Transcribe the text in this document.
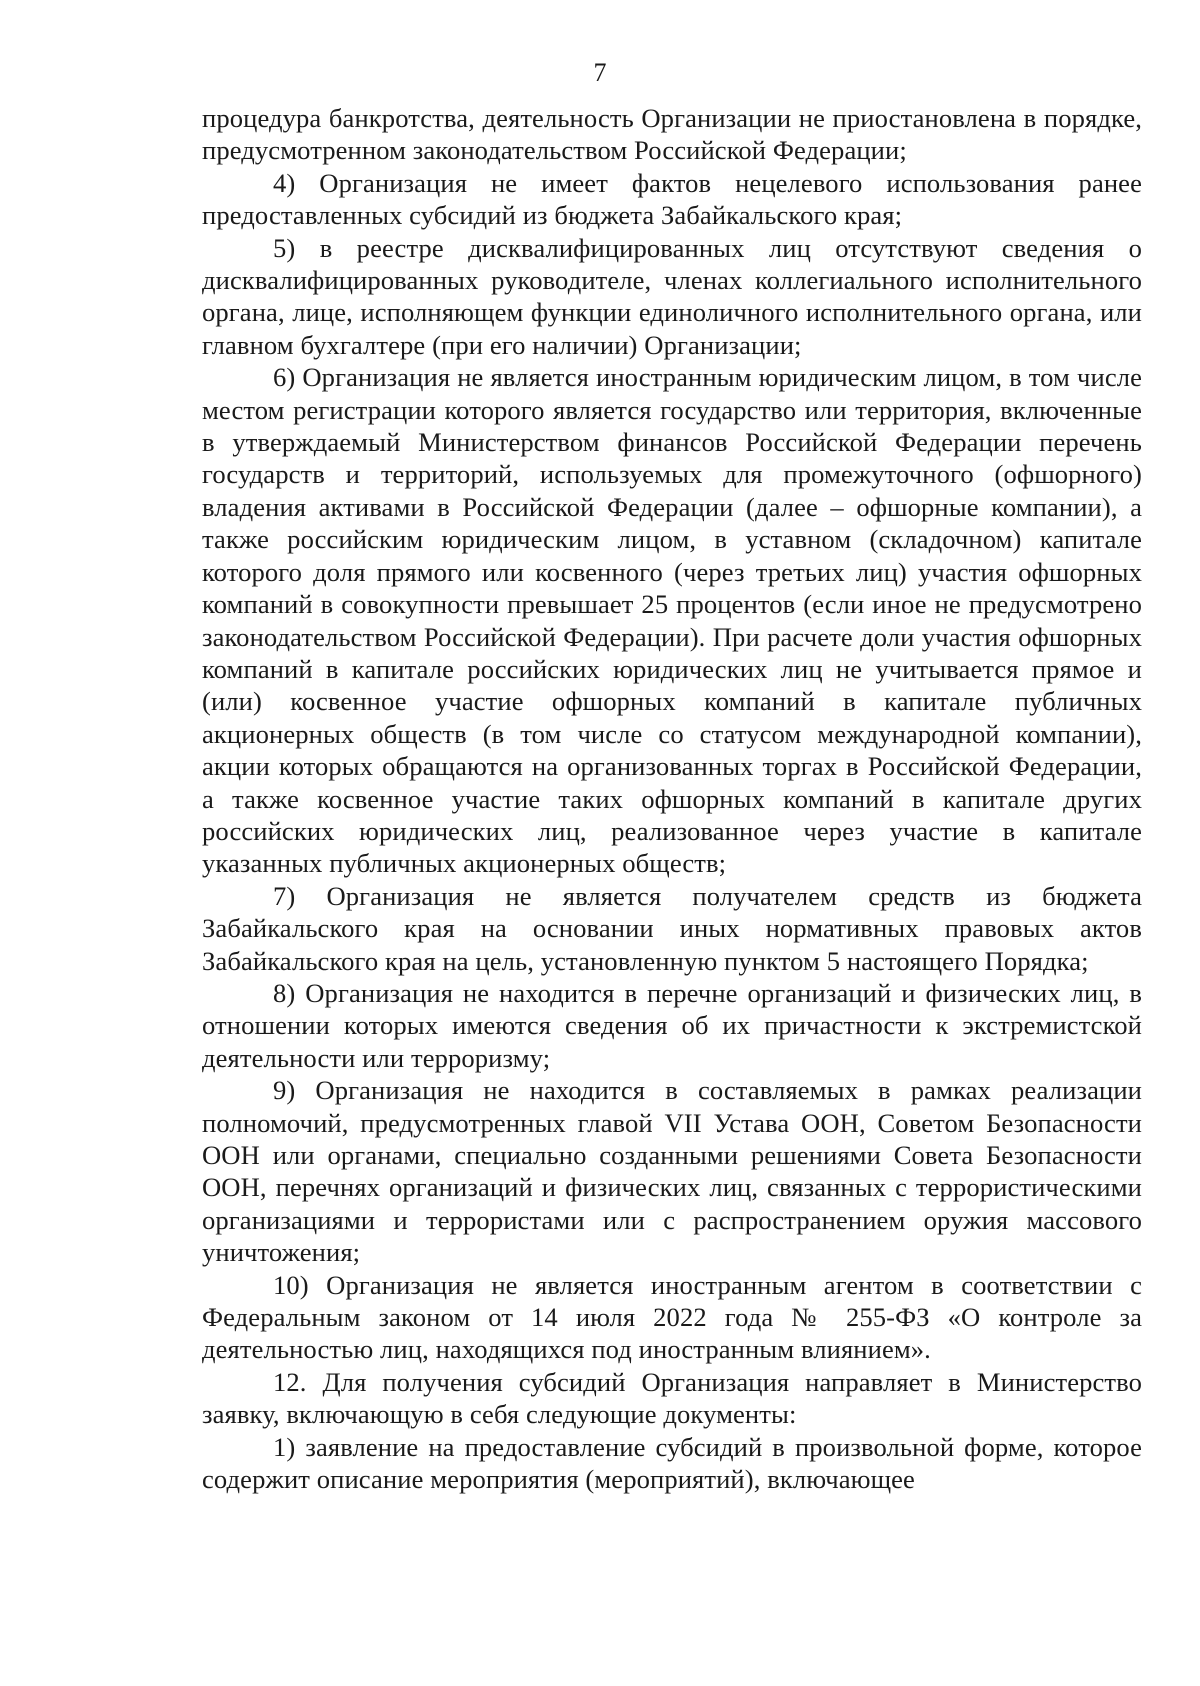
7

процедура банкротства, деятельность Организации не приостановлена в порядке, предусмотренном законодательством Российской Федерации;

4) Организация не имеет фактов нецелевого использования ранее предоставленных субсидий из бюджета Забайкальского края;

5) в реестре дисквалифицированных лиц отсутствуют сведения о дисквалифицированных руководителе, членах коллегиального исполнительного органа, лице, исполняющем функции единоличного исполнительного органа, или главном бухгалтере (при его наличии) Организации;

6) Организация не является иностранным юридическим лицом, в том числе местом регистрации которого является государство или территория, включенные в утверждаемый Министерством финансов Российской Федерации перечень государств и территорий, используемых для промежуточного (офшорного) владения активами в Российской Федерации (далее – офшорные компании), а также российским юридическим лицом, в уставном (складочном) капитале которого доля прямого или косвенного (через третьих лиц) участия офшорных компаний в совокупности превышает 25 процентов (если иное не предусмотрено законодательством Российской Федерации). При расчете доли участия офшорных компаний в капитале российских юридических лиц не учитывается прямое и (или) косвенное участие офшорных компаний в капитале публичных акционерных обществ (в том числе со статусом международной компании), акции которых обращаются на организованных торгах в Российской Федерации, а также косвенное участие таких офшорных компаний в капитале других российских юридических лиц, реализованное через участие в капитале указанных публичных акционерных обществ;

7) Организация не является получателем средств из бюджета Забайкальского края на основании иных нормативных правовых актов Забайкальского края на цель, установленную пунктом 5 настоящего Порядка;

8) Организация не находится в перечне организаций и физических лиц, в отношении которых имеются сведения об их причастности к экстремистской деятельности или терроризму;

9) Организация не находится в составляемых в рамках реализации полномочий, предусмотренных главой VII Устава ООН, Советом Безопасности ООН или органами, специально созданными решениями Совета Безопасности ООН, перечнях организаций и физических лиц, связанных с террористическими организациями и террористами или с распространением оружия массового уничтожения;

10) Организация не является иностранным агентом в соответствии с Федеральным законом от 14 июля 2022 года № 255-ФЗ «О контроле за деятельностью лиц, находящихся под иностранным влиянием».

12. Для получения субсидий Организация направляет в Министерство заявку, включающую в себя следующие документы:

1) заявление на предоставление субсидий в произвольной форме, которое содержит описание мероприятия (мероприятий), включающее
